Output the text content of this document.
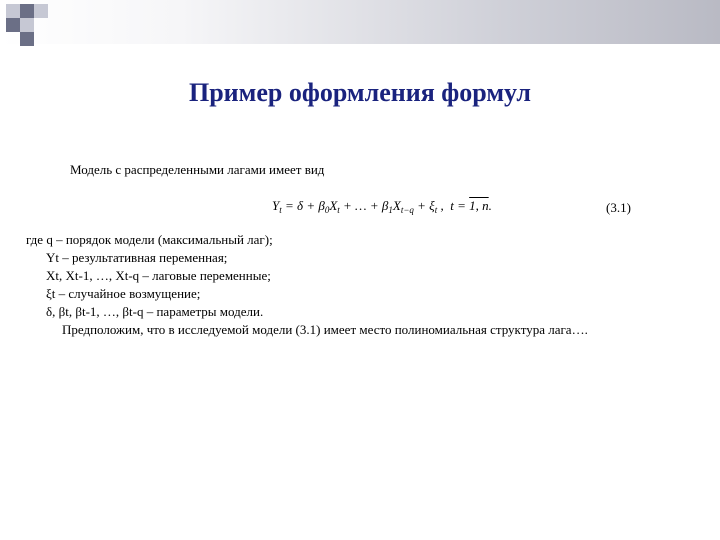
Пример оформления формул
Модель с распределенными лагами имеет вид
$Y_t = \delta + \beta_0X_t$ + … + $\beta_1X_{t-q} + \xi_t$ ,  t = 1, n.	(3.1)
где q – порядок модели (максимальный лаг);
Yt – результативная переменная;
Xt, Xt-1, …, Xt-q – лаговые переменные;
ξt – случайное возмущение;
δ, βt, βt-1, …, βt-q – параметры модели.
Предположим, что в исследуемой модели (3.1) имеет место полиномиальная структура лага….
